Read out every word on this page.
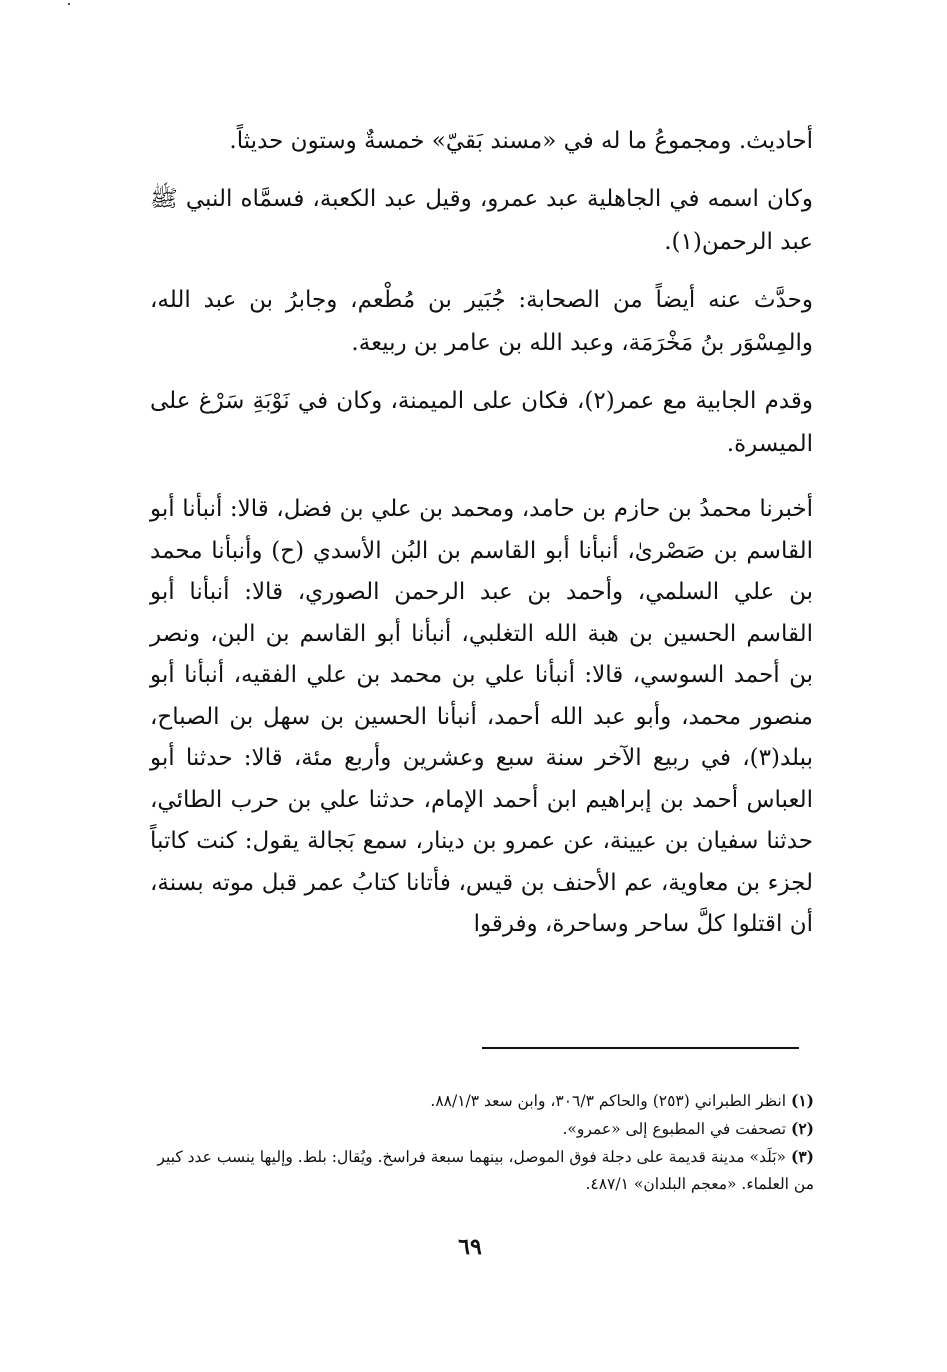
أحاديث. ومجموعُ ما له في «مسند بَقيّ» خمسةٌ وستون حديثاً.

وكان اسمه في الجاهلية عبد عمرو، وقيل عبد الكعبة، فسمَّاه النبي ﷺ عبد الرحمن(١).

وحدَّث عنه أيضاً من الصحابة: جُبَير بن مُطْعم، وجابرُ بن عبد الله، والمِسْوَر بنُ مَخْرَمَة، وعبد الله بن عامر بن ربيعة.

وقدم الجابية مع عمر(٢)، فكان على الميمنة، وكان في نَوْبَةِ سَرْغ على الميسرة.

أخبرنا محمدُ بن حازم بن حامد، ومحمد بن علي بن فضل، قالا: أنبأنا أبو القاسم بن صَصْرىٰ، أنبأنا أبو القاسم بن البُن الأسدي (ح) وأنبأنا محمد بن علي السلمي، وأحمد بن عبد الرحمن الصوري، قالا: أنبأنا أبو القاسم الحسين بن هبة الله التغلبي، أنبأنا أبو القاسم بن البن، ونصر بن أحمد السوسي، قالا: أنبأنا علي بن محمد بن علي الفقيه، أنبأنا أبو منصور محمد، وأبو عبد الله أحمد، أنبأنا الحسين بن سهل بن الصباح، ببلد(٣)، في ربيع الآخر سنة سبع وعشرين وأربع مئة، قالا: حدثنا أبو العباس أحمد بن إبراهيم ابن أحمد الإمام، حدثنا علي بن حرب الطائي، حدثنا سفيان بن عيينة، عن عمرو بن دينار، سمع بَجالة يقول: كنت كاتباً لجزء بن معاوية، عم الأحنف بن قيس، فأتانا كتابُ عمر قبل موته بسنة، أن اقتلوا كلَّ ساحر وساحرة، وفرقوا

(١) انظر الطبراني (٢٥٣) والحاكم ٣٠٦/٣، وابن سعد ٨٨/١/٣.

(٢) تصحفت في المطبوع إلى «عمرو».

(٣) «بَلَد» مدينة قديمة على دجلة فوق الموصل، بينهما سبعة فراسخ. ويُقال: بلط. وإليها ينسب عدد كبير من العلماء. «معجم البلدان» ٤٨٧/١.

٦٩
